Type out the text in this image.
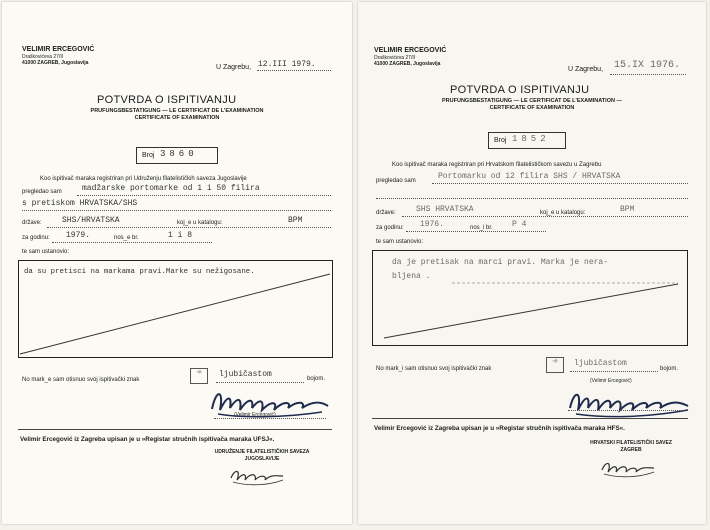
VELIMIR ERCEGOVIĆ
Draškovićeva 27/II
41000 ZAGREB, Jugoslavija
U Zagrebu, 12.III 1979.
POTVRDA O ISPITIVANJU
PRUFUNGSBESTATIGUNG — LE CERTIFICAT DE L'EXAMINATION
CERTIFICATE OF EXAMINATION
Broj 3860
Koo ispitivač maraka registriran pri Udruženju filatelističkih saveza Jugoslavije
pregledao sam	madžarske portomarke od 1 i 50 filira
s pretiskom HRVATSKA/SHS
države:	SHS/HRVATSKA	koj_e u katalogu:	BPM
za godinu: 1979.	nos_e br.	1 i 8
te sam ustanovio:
da su pretisci na markama pravi.Marke su nežigosane.
No mark_e sam otisnuo svoj ispitivački znak
▫◎	ljubičastom	bojom.
(Velimir Ercegović)
Velimir Ercegović iz Zagreba upisan je u »Registar stručnih ispitivača maraka UFSJ«.
UDRUŽENJE FILATELISTIČKIH SAVEZA
JUGOSLAVIJE
VELIMIR ERCEGOVIĆ
Draškovićeva 27/II
41000 ZAGREB, Jugoslavija
U Zagrebu, 15.IX 1976.
POTVRDA O ISPITIVANJU
PRUFUNGSBESTATIGUNG — LE CERTIFICAT DE L'EXAMINATION —
CERTIFICATE OF EXAMINATION
Broj 1852
Koo ispitivač maraka registriran pri Hrvatskom filatelističkom savezu u Zagrebu
pregledao sam	Portomarku od 12 filira SHS / HRVATSKA
države:	SHS HRVATSKA	koj_e u katalogu:	BPM
za godinu: 1976.	nos_i br. P 4
te sam ustanovio:
da je pretisak na marci pravi. Marka je nera-
bljena .
No mark_i sam otisnuo svoj ispitivački znak
▫◎	ljubičastom
bojom.
(Velimir Ercegović)
Velimir Ercegović iz Zagreba upisan je u »Registar stručnih ispitivača maraka HFS«.
HRVATSKI FILATELISTIČKI SAVEZ
ZAGREB
